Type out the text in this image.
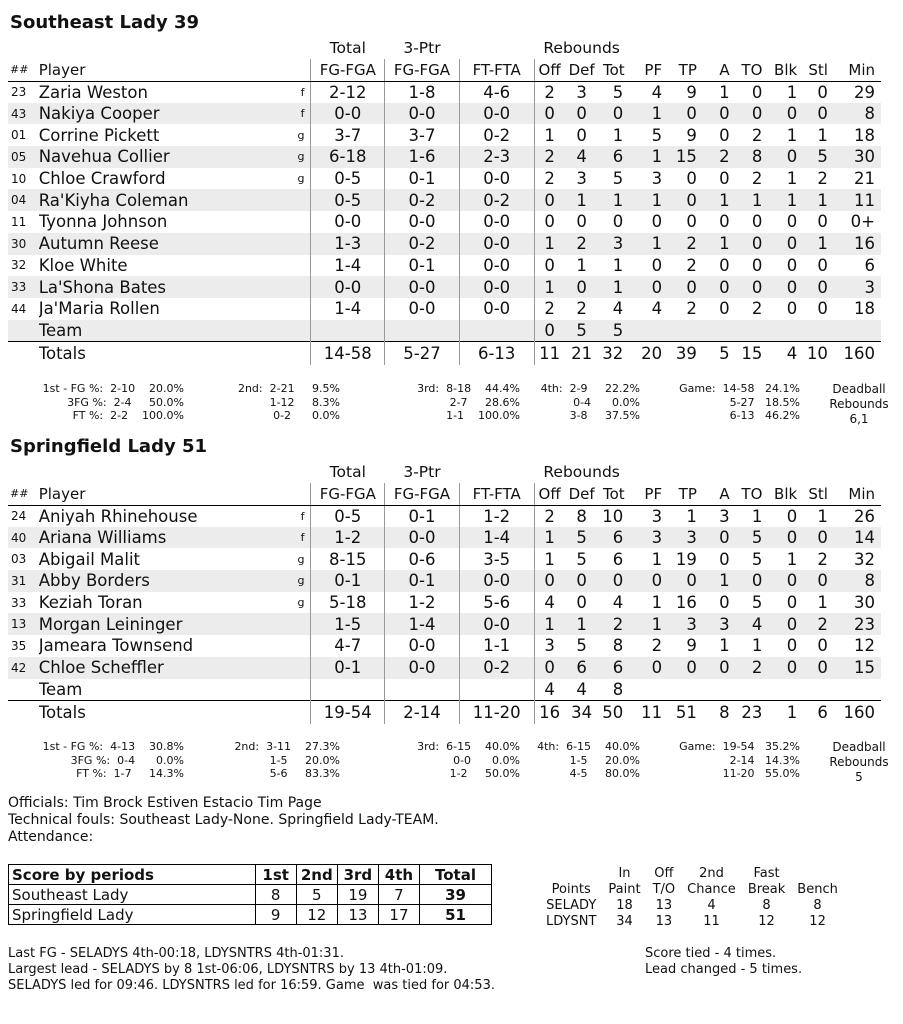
Southeast Lady 39
			Total	3-Ptr		Rebounds									
##	Player		FG-FGA	FG-FGA	FT-FTA	Off	Def	Tot	PF	TP	A	TO	Blk	Stl	Min
23	Zaria Weston	f	2-12	1-8	4-6	2	3	5	4	9	1	0	1	0	29
43	Nakiya Cooper	f	0-0	0-0	0-0	0	0	0	1	0	0	0	0	0	8
01	Corrine Pickett	g	3-7	3-7	0-2	1	0	1	5	9	0	2	1	1	18
05	Navehua Collier	g	6-18	1-6	2-3	2	4	6	1	15	2	8	0	5	30
10	Chloe Crawford	g	0-5	0-1	0-0	2	3	5	3	0	0	2	1	2	21
04	Ra'Kiyha Coleman		0-5	0-2	0-2	0	1	1	1	0	1	1	1	1	11
11	Tyonna Johnson		0-0	0-0	0-0	0	0	0	0	0	0	0	0	0	0+
30	Autumn Reese		1-3	0-2	0-0	1	2	3	1	2	1	0	0	1	16
32	Kloe White		1-4	0-1	0-0	0	1	1	0	2	0	0	0	0	6
33	La'Shona Bates		0-0	0-0	0-0	1	0	1	0	0	0	0	0	0	3
44	Ja'Maria Rollen		1-4	0-0	0-0	2	2	4	4	2	0	2	0	0	18
	Team					0	5	5							
	Totals		14-58	5-27	6-13	11	21	32	20	39	5	15	4	10	160
1st - FG %:  2-10    20.0%
3FG %:  2-4     50.0%
FT %:  2-2    100.0%
2nd:  2-21     9.5%
1-12     8.3%
0-2      0.0%
3rd:  8-18    44.4%
2-7     28.6%
1-1    100.0%
4th:  2-9     22.2%
0-4      0.0%
3-8     37.5%
Game:  14-58   24.1%
5-27   18.5%
6-13   46.2%
Deadball
Rebounds
6,1
Springfield Lady 51
			Total	3-Ptr		Rebounds									
##	Player		FG-FGA	FG-FGA	FT-FTA	Off	Def	Tot	PF	TP	A	TO	Blk	Stl	Min
24	Aniyah Rhinehouse	f	0-5	0-1	1-2	2	8	10	3	1	3	1	0	1	26
40	Ariana Williams	f	1-2	0-0	1-4	1	5	6	3	3	0	5	0	0	14
03	Abigail Malit	g	8-15	0-6	3-5	1	5	6	1	19	0	5	1	2	32
31	Abby Borders	g	0-1	0-1	0-0	0	0	0	0	0	1	0	0	0	8
33	Keziah Toran	g	5-18	1-2	5-6	4	0	4	1	16	0	5	0	1	30
13	Morgan Leininger		1-5	1-4	0-0	1	1	2	1	3	3	4	0	2	23
35	Jameara Townsend		4-7	0-0	1-1	3	5	8	2	9	1	1	0	0	12
42	Chloe Scheffler		0-1	0-0	0-2	0	6	6	0	0	0	2	0	0	15
	Team					4	4	8							
	Totals		19-54	2-14	11-20	16	34	50	11	51	8	23	1	6	160
1st - FG %:  4-13    30.8%
3FG %:  0-4      0.0%
FT %:  1-7     14.3%
2nd:  3-11    27.3%
1-5     20.0%
5-6     83.3%
3rd:  6-15    40.0%
0-0      0.0%
1-2     50.0%
4th:  6-15    40.0%
1-5     20.0%
4-5     80.0%
Game:  19-54   35.2%
2-14   14.3%
11-20   55.0%
Deadball
Rebounds
5
Officials: Tim Brock Estiven Estacio Tim Page
Technical fouls: Southeast Lady-None. Springfield Lady-TEAM.
Attendance:
Score by periods	1st	2nd	3rd	4th	Total
Southeast Lady	8	5	19	7	39
Springfield Lady	9	12	13	17	51
	In	Off	2nd	Fast	
Points	Paint	T/O	Chance	Break	Bench
SELADY	18	13	4	8	8
LDYSNT	34	13	11	12	12
Last FG - SELADYS 4th-00:18, LDYSNTRS 4th-01:31.
Largest lead - SELADYS by 8 1st-06:06, LDYSNTRS by 13 4th-01:09.
SELADYS led for 09:46. LDYSNTRS led for 16:59. Game  was tied for 04:53.
Score tied - 4 times.
Lead changed - 5 times.
